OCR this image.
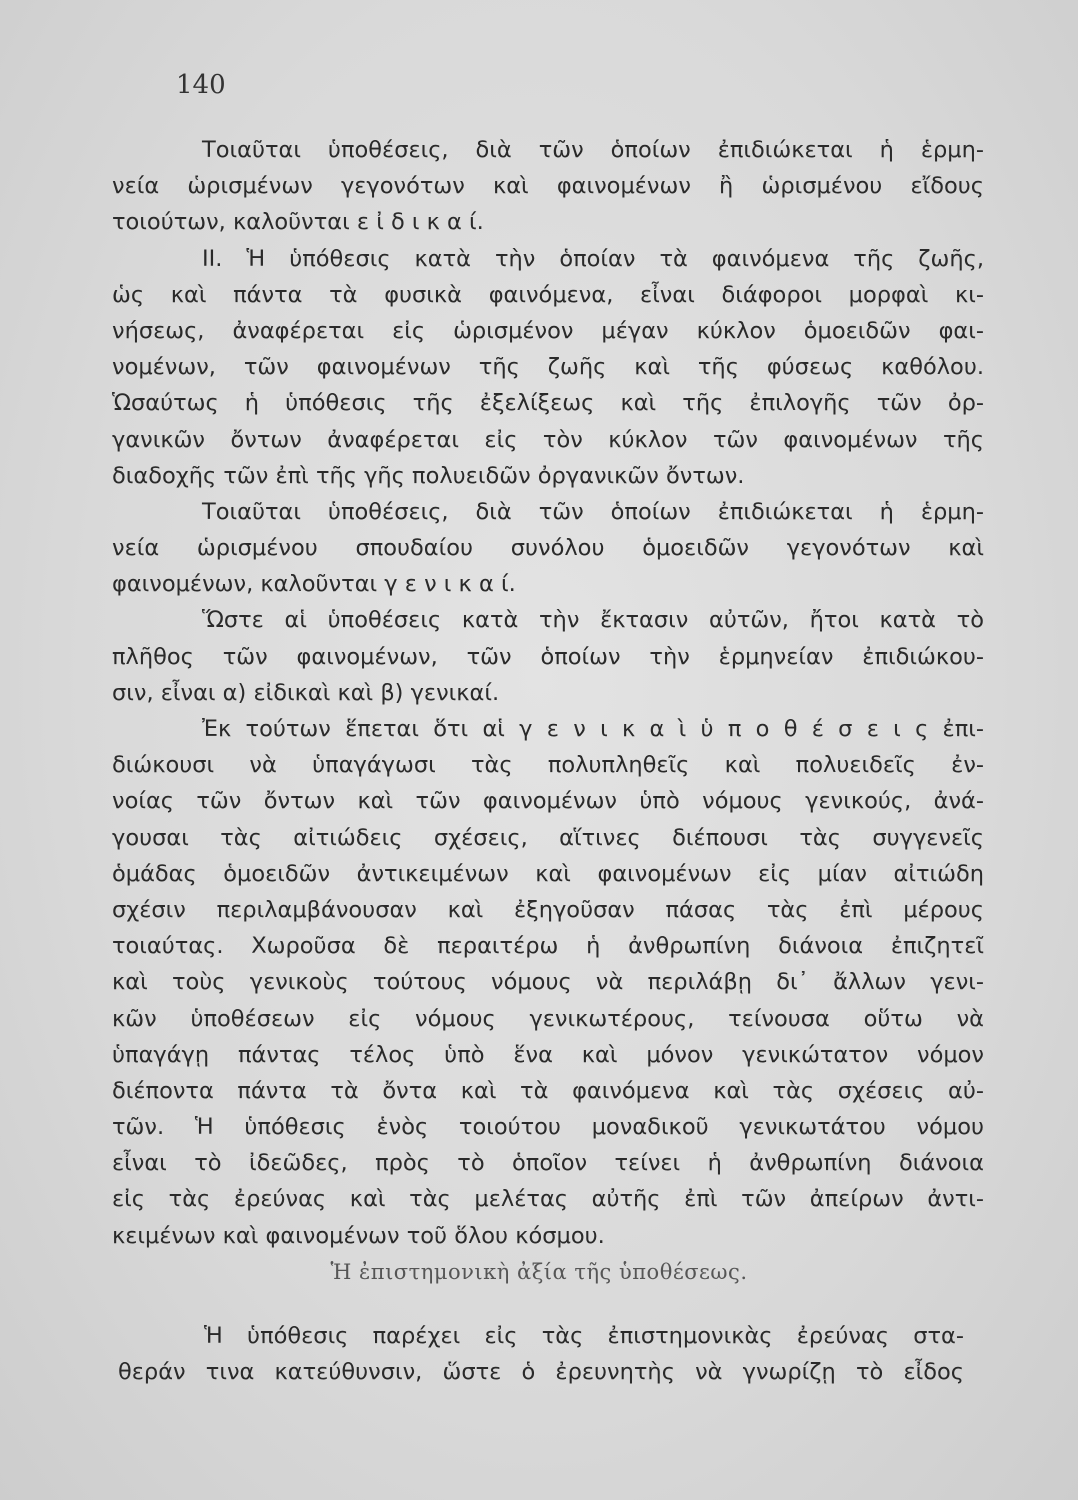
140
Τοιαῦται ὑποθέσεις, διὰ τῶν ὁποίων ἐπιδιώκεται ἡ ἑρμη-
νεία ὡρισμένων γεγονότων καὶ φαινομένων ἢ ὡρισμένου εἴδους
τοιούτων, καλοῦνται ε ἰ δ ι κ α ί.
ΙΙ. Ἡ ὑπόθεσις κατὰ τὴν ὁποίαν τὰ φαινόμενα τῆς ζωῆς,
ὡς καὶ πάντα τὰ φυσικὰ φαινόμενα, εἶναι διάφοροι μορφαὶ κι-
νήσεως, ἀναφέρεται εἰς ὡρισμένον μέγαν κύκλον ὁμοειδῶν φαι-
νομένων, τῶν φαινομένων τῆς ζωῆς καὶ τῆς φύσεως καθόλου.
Ὡσαύτως ἡ ὑπόθεσις τῆς ἐξελίξεως καὶ τῆς ἐπιλογῆς τῶν ὀρ-
γανικῶν ὄντων ἀναφέρεται εἰς τὸν κύκλον τῶν φαινομένων τῆς
διαδοχῆς τῶν ἐπὶ τῆς γῆς πολυειδῶν ὀργανικῶν ὄντων.
Τοιαῦται ὑποθέσεις, διὰ τῶν ὁποίων ἐπιδιώκεται ἡ ἑρμη-
νεία ὡρισμένου σπουδαίου συνόλου ὁμοειδῶν γεγονότων καὶ
φαινομένων, καλοῦνται γ ε ν ι κ α ί.
Ὥστε αἱ ὑποθέσεις κατὰ τὴν ἔκτασιν αὐτῶν, ἤτοι κατὰ τὸ
πλῆθος τῶν φαινομένων, τῶν ὁποίων τὴν ἑρμηνείαν ἐπιδιώκου-
σιν, εἶναι α) εἰδικαὶ καὶ β) γενικαί.
Ἐκ τούτων ἕπεται ὅτι αἱ γ ε ν ι κ α ὶ ὑ π ο θ έ σ ε ι ς ἐπι-
διώκουσι νὰ ὑπαγάγωσι τὰς πολυπληθεῖς καὶ πολυειδεῖς ἐν-
νοίας τῶν ὄντων καὶ τῶν φαινομένων ὑπὸ νόμους γενικούς, ἀνά-
γουσαι τὰς αἰτιώδεις σχέσεις, αἵτινες διέπουσι τὰς συγγενεῖς
ὁμάδας ὁμοειδῶν ἀντικειμένων καὶ φαινομένων εἰς μίαν αἰτιώδη
σχέσιν περιλαμβάνουσαν καὶ ἐξηγοῦσαν πάσας τὰς ἐπὶ μέρους
τοιαύτας. Χωροῦσα δὲ περαιτέρω ἡ ἀνθρωπίνη διάνοια ἐπιζητεῖ
καὶ τοὺς γενικοὺς τούτους νόμους νὰ περιλάβῃ δι᾽ ἄλλων γενι-
κῶν ὑποθέσεων εἰς νόμους γενικωτέρους, τείνουσα οὕτω νὰ
ὑπαγάγῃ πάντας τέλος ὑπὸ ἕνα καὶ μόνον γενικώτατον νόμον
διέποντα πάντα τὰ ὄντα καὶ τὰ φαινόμενα καὶ τὰς σχέσεις αὐ-
τῶν. Ἡ ὑπόθεσις ἑνὸς τοιούτου μοναδικοῦ γενικωτάτου νόμου
εἶναι τὸ ἰδεῶδες, πρὸς τὸ ὁποῖον τείνει ἡ ἀνθρωπίνη διάνοια
εἰς τὰς ἐρεύνας καὶ τὰς μελέτας αὐτῆς ἐπὶ τῶν ἀπείρων ἀντι-
κειμένων καὶ φαινομένων τοῦ ὅλου κόσμου.
Ἡ ἐπιστημονικὴ ἀξία τῆς ὑποθέσεως.
Ἡ ὑπόθεσις παρέχει εἰς τὰς ἐπιστημονικὰς ἐρεύνας στα-
θεράν τινα κατεύθυνσιν, ὥστε ὁ ἐρευνητὴς νὰ γνωρίζῃ τὸ εἶδος
